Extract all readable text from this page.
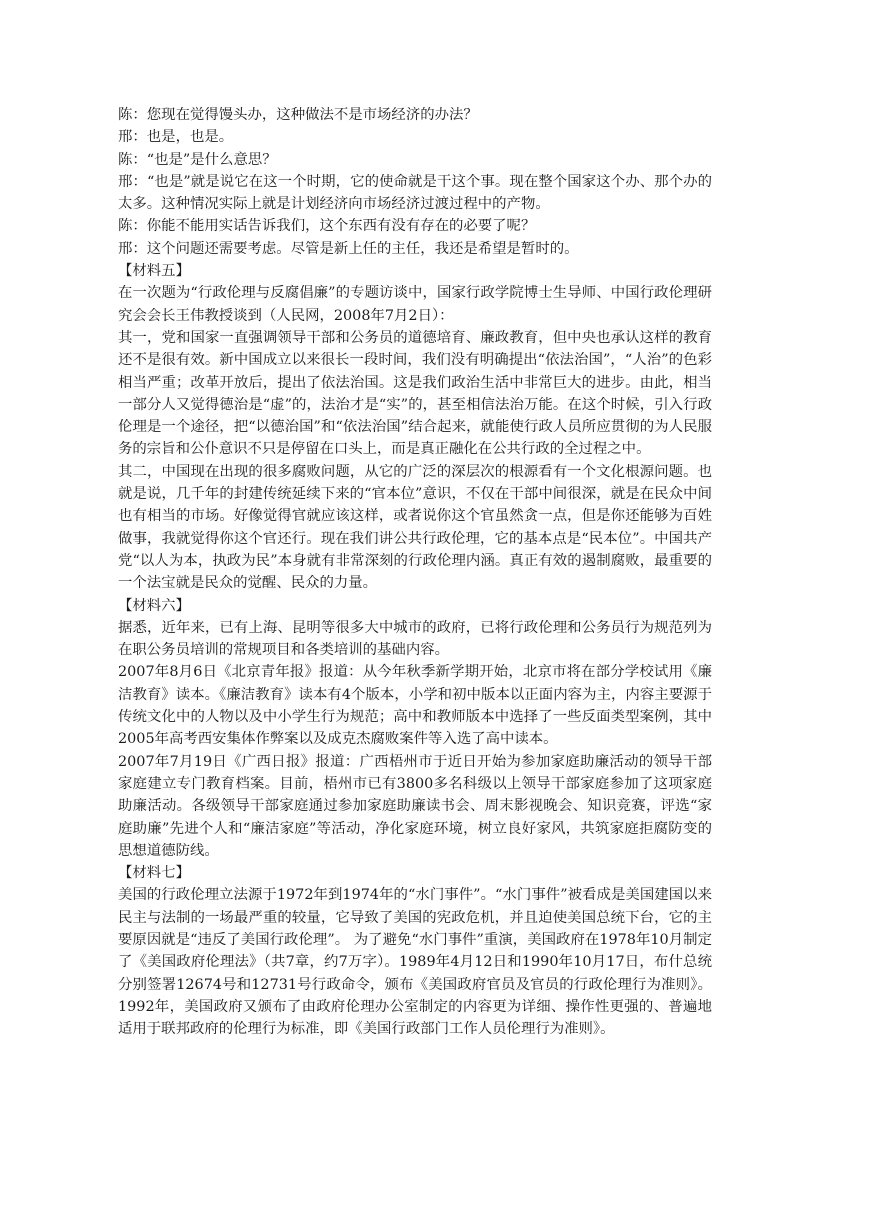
陈：您现在觉得馒头办，这种做法不是市场经济的办法？

邢：也是，也是。

陈：“也是”是什么意思？

邢：“也是”就是说它在这一个时期，它的使命就是干这个事。现在整个国家这个办、那个办的太多。这种情况实际上就是计划经济向市场经济过渡过程中的产物。

陈：你能不能用实话告诉我们，这个东西有没有存在的必要了呢？

邢：这个问题还需要考虑。尽管是新上任的主任，我还是希望是暂时的。

【材料五】

在一次题为“行政伦理与反腐倡廉”的专题访谈中，国家行政学院博士生导师、中国行政伦理研究会会长王伟教授谈到（人民网，2008年7月2日）：

其一，党和国家一直强调领导干部和公务员的道德培育、廉政教育，但中央也承认这样的教育还不是很有效。新中国成立以来很长一段时间，我们没有明确提出“依法治国”，“人治”的色彩相当严重；改革开放后，提出了依法治国。这是我们政治生活中非常巨大的进步。由此，相当一部分人又觉得德治是“虚”的，法治才是“实”的，甚至相信法治万能。在这个时候，引入行政伦理是一个途径，把“以德治国”和“依法治国”结合起来，就能使行政人员所应贯彻的为人民服务的宗旨和公仆意识不只是停留在口头上，而是真正融化在公共行政的全过程之中。

其二，中国现在出现的很多腐败问题，从它的广泛的深层次的根源看有一个文化根源问题。也就是说，几千年的封建传统延续下来的“官本位”意识，不仅在干部中间很深，就是在民众中间也有相当的市场。好像觉得官就应该这样，或者说你这个官虽然贪一点，但是你还能够为百姓做事，我就觉得你这个官还行。现在我们讲公共行政伦理，它的基本点是“民本位”。中国共产党“以人为本，执政为民”本身就有非常深刻的行政伦理内涵。真正有效的遏制腐败，最重要的一个法宝就是民众的觉醒、民众的力量。

【材料六】

据悉，近年来，已有上海、昆明等很多大中城市的政府，已将行政伦理和公务员行为规范列为在职公务员培训的常规项目和各类培训的基础内容。

2007年8月6日《北京青年报》报道：从今年秋季新学期开始，北京市将在部分学校试用《廉洁教育》读本。《廉洁教育》读本有4个版本，小学和初中版本以正面内容为主，内容主要源于传统文化中的人物以及中小学生行为规范；高中和教师版本中选择了一些反面类型案例，其中2005年高考西安集体作弊案以及成克杰腐败案件等入选了高中读本。

2007年7月19日《广西日报》报道：广西梧州市于近日开始为参加家庭助廉活动的领导干部家庭建立专门教育档案。目前，梧州市已有3800多名科级以上领导干部家庭参加了这项家庭助廉活动。各级领导干部家庭通过参加家庭助廉读书会、周末影视晚会、知识竞赛，评选“家庭助廉”先进个人和“廉洁家庭”等活动，净化家庭环境，树立良好家风，共筑家庭拒腐防变的思想道德防线。

【材料七】

美国的行政伦理立法源于1972年到1974年的“水门事件”。“水门事件”被看成是美国建国以来民主与法制的一场最严重的较量，它导致了美国的宪政危机，并且迫使美国总统下台，它的主要原因就是“违反了美国行政伦理”。 为了避免“水门事件”重演，美国政府在1978年10月制定了《美国政府伦理法》（共7章，约7万字）。1989年4月12日和1990年10月17日，布什总统分别签署12674号和12731号行政命令，颁布《美国政府官员及官员的行政伦理行为准则》。1992年，美国政府又颁布了由政府伦理办公室制定的内容更为详细、操作性更强的、普遍地适用于联邦政府的伦理行为标准，即《美国行政部门工作人员伦理行为准则》。
